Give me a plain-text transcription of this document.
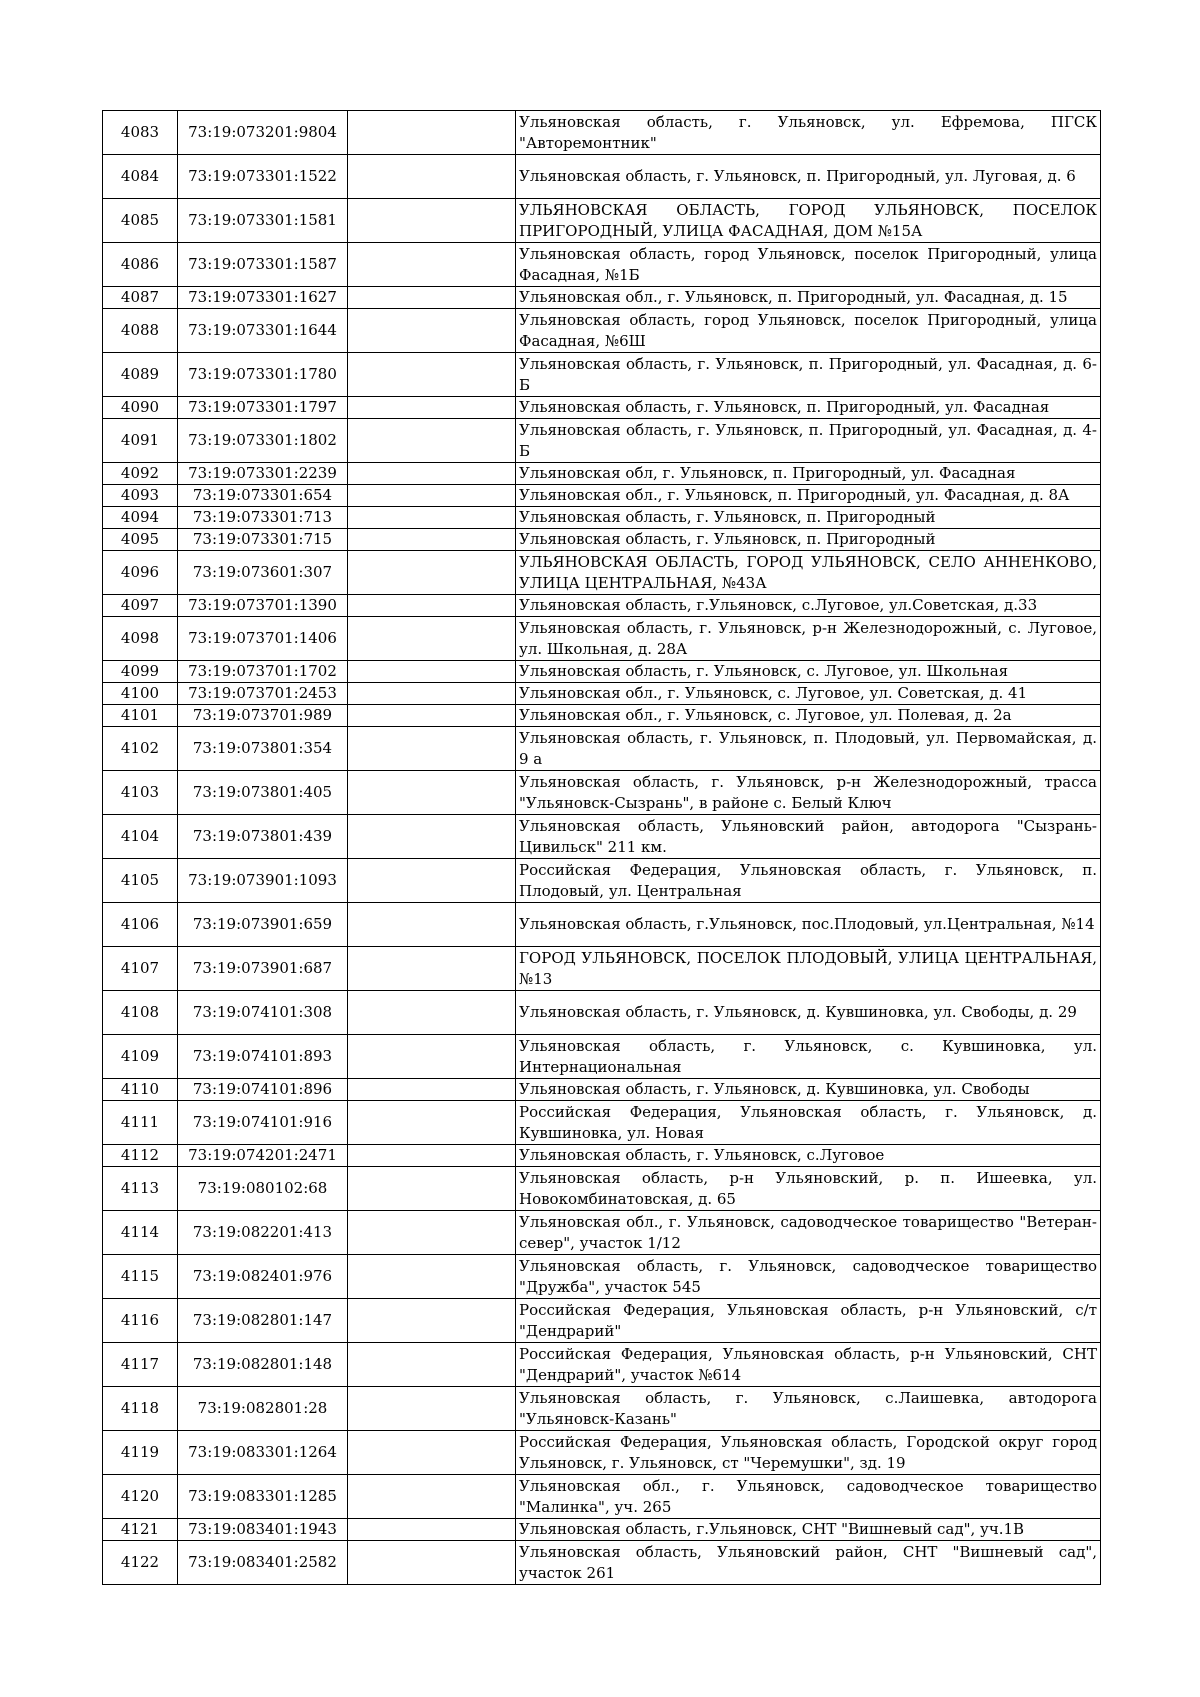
4083	73:19:073201:9804		Ульяновская область, г. Ульяновск, ул. Ефремова, ПГСК "Авторемонтник"
4084	73:19:073301:1522		Ульяновская область, г. Ульяновск, п. Пригородный, ул. Луговая, д. 6
4085	73:19:073301:1581		УЛЬЯНОВСКАЯ ОБЛАСТЬ, ГОРОД УЛЬЯНОВСК, ПОСЕЛОК ПРИГОРОДНЫЙ, УЛИЦА ФАСАДНАЯ, ДОМ №15А
4086	73:19:073301:1587		Ульяновская область, город Ульяновск, поселок Пригородный, улица Фасадная, №1Б
4087	73:19:073301:1627		Ульяновская обл., г. Ульяновск, п. Пригородный, ул. Фасадная, д. 15
4088	73:19:073301:1644		Ульяновская область, город Ульяновск, поселок Пригородный, улица Фасадная, №6Ш
4089	73:19:073301:1780		Ульяновская область, г. Ульяновск, п. Пригородный, ул. Фасадная, д. 6-Б
4090	73:19:073301:1797		Ульяновская область, г. Ульяновск, п. Пригородный, ул. Фасадная
4091	73:19:073301:1802		Ульяновская область, г. Ульяновск, п. Пригородный, ул. Фасадная, д. 4-Б
4092	73:19:073301:2239		Ульяновская обл, г. Ульяновск, п. Пригородный, ул. Фасадная
4093	73:19:073301:654		Ульяновская обл., г. Ульяновск, п. Пригородный, ул. Фасадная, д. 8А
4094	73:19:073301:713		Ульяновская область, г. Ульяновск, п. Пригородный
4095	73:19:073301:715		Ульяновская область, г. Ульяновск, п. Пригородный
4096	73:19:073601:307		УЛЬЯНОВСКАЯ ОБЛАСТЬ, ГОРОД УЛЬЯНОВСК, СЕЛО АННЕНКОВО, УЛИЦА ЦЕНТРАЛЬНАЯ, №43А
4097	73:19:073701:1390		Ульяновская область, г.Ульяновск, с.Луговое, ул.Советская, д.33
4098	73:19:073701:1406		Ульяновская область, г. Ульяновск, р-н Железнодорожный, с. Луговое, ул. Школьная, д. 28А
4099	73:19:073701:1702		Ульяновская область, г. Ульяновск, с. Луговое, ул. Школьная
4100	73:19:073701:2453		Ульяновская обл., г. Ульяновск, с. Луговое, ул. Советская, д. 41
4101	73:19:073701:989		Ульяновская обл., г. Ульяновск, с. Луговое, ул. Полевая, д. 2а
4102	73:19:073801:354		Ульяновская область, г. Ульяновск, п. Плодовый, ул. Первомайская, д. 9 а
4103	73:19:073801:405		Ульяновская область, г. Ульяновск, р-н Железнодорожный, трасса "Ульяновск-Сызрань", в районе с. Белый Ключ
4104	73:19:073801:439		Ульяновская область, Ульяновский район, автодорога "Сызрань-Цивильск" 211 км.
4105	73:19:073901:1093		Российская Федерация, Ульяновская область, г. Ульяновск, п. Плодовый, ул. Центральная
4106	73:19:073901:659		Ульяновская область, г.Ульяновск, пос.Плодовый, ул.Центральная, №14
4107	73:19:073901:687		ГОРОД УЛЬЯНОВСК, ПОСЕЛОК ПЛОДОВЫЙ, УЛИЦА ЦЕНТРАЛЬНАЯ, №13
4108	73:19:074101:308		Ульяновская область, г. Ульяновск, д. Кувшиновка, ул. Свободы, д. 29
4109	73:19:074101:893		Ульяновская область, г. Ульяновск, с. Кувшиновка, ул. Интернациональная
4110	73:19:074101:896		Ульяновская область, г. Ульяновск, д. Кувшиновка, ул. Свободы
4111	73:19:074101:916		Российская Федерация, Ульяновская область, г. Ульяновск, д. Кувшиновка, ул. Новая
4112	73:19:074201:2471		Ульяновская область, г. Ульяновск, с.Луговое
4113	73:19:080102:68		Ульяновская область, р-н Ульяновский, р. п. Ишеевка, ул. Новокомбинатовская, д. 65
4114	73:19:082201:413		Ульяновская обл., г. Ульяновск, садоводческое товарищество "Ветеран-север", участок 1/12
4115	73:19:082401:976		Ульяновская область, г. Ульяновск, садоводческое товарищество "Дружба", участок 545
4116	73:19:082801:147		Российская Федерация, Ульяновская область, р-н Ульяновский, с/т "Дендрарий"
4117	73:19:082801:148		Российская Федерация, Ульяновская область, р-н Ульяновский, СНТ "Дендрарий", участок №614
4118	73:19:082801:28		Ульяновская область, г. Ульяновск, с.Лаишевка, автодорога "Ульяновск-Казань"
4119	73:19:083301:1264		Российская Федерация, Ульяновская область, Городской округ город Ульяновск, г. Ульяновск, ст "Черемушки", зд. 19
4120	73:19:083301:1285		Ульяновская обл., г. Ульяновск, садоводческое товарищество "Малинка", уч. 265
4121	73:19:083401:1943		Ульяновская область, г.Ульяновск, СНТ "Вишневый сад", уч.1В
4122	73:19:083401:2582		Ульяновская область, Ульяновский район, СНТ "Вишневый сад", участок 261
